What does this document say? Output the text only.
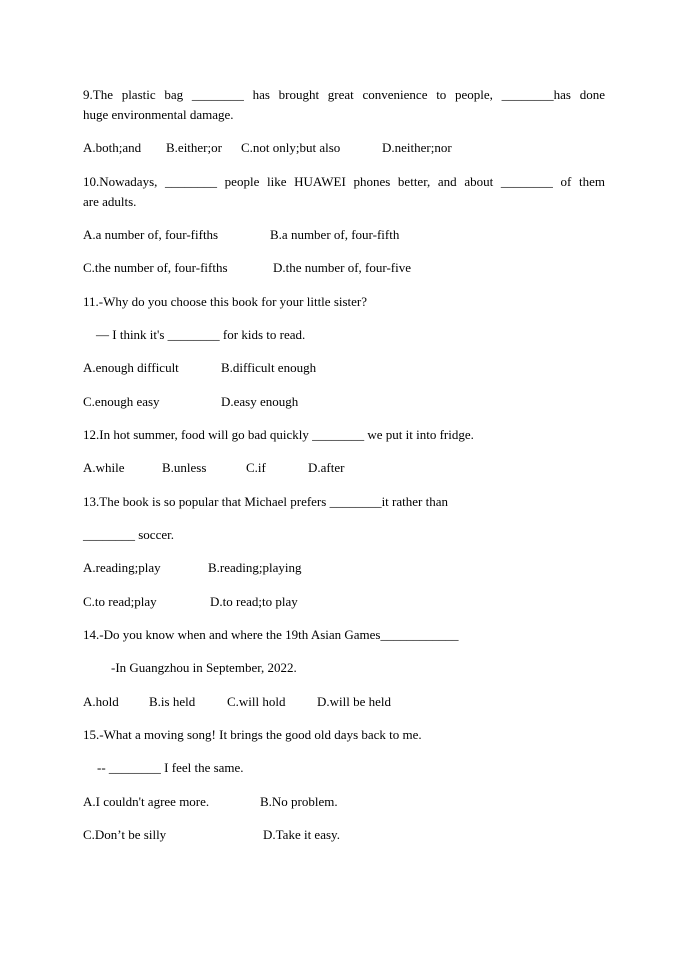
9.The plastic bag ________ has brought great convenience to people, ________has done
huge environmental damage.
A.both;and B.either;or C.not only;but also	D.neither;nor
10.Nowadays, ________ people like HUAWEI phones better, and about ________ of them
are adults.
A.a number of, four-fifths	B.a number of, four-fifth
C.the number of, four-fifths	D.the number of, four-five
11.-Why do you choose this book for your little sister?
— I think it's ________ for kids to read.
A.enough difficult	B.difficult enough
C.enough easy	D.easy enough
12.In hot summer, food will go bad quickly ________ we put it into fridge.
A.while	B.unless	C.if	D.after
13.The book is so popular that Michael prefers ________it rather than
________ soccer.
A.reading;play	B.reading;playing
C.to read;play	D.to read;to play
14.-Do you know when and where the 19th Asian Games____________
-In Guangzhou in September, 2022.
A.hold B.is held C.will hold D.will be held
15.-What a moving song! It brings the good old days back to me.
-- ________ I feel the same.
A.I couldn't agree more.	B.No problem.
C.Don’t be silly	D.Take it easy.
